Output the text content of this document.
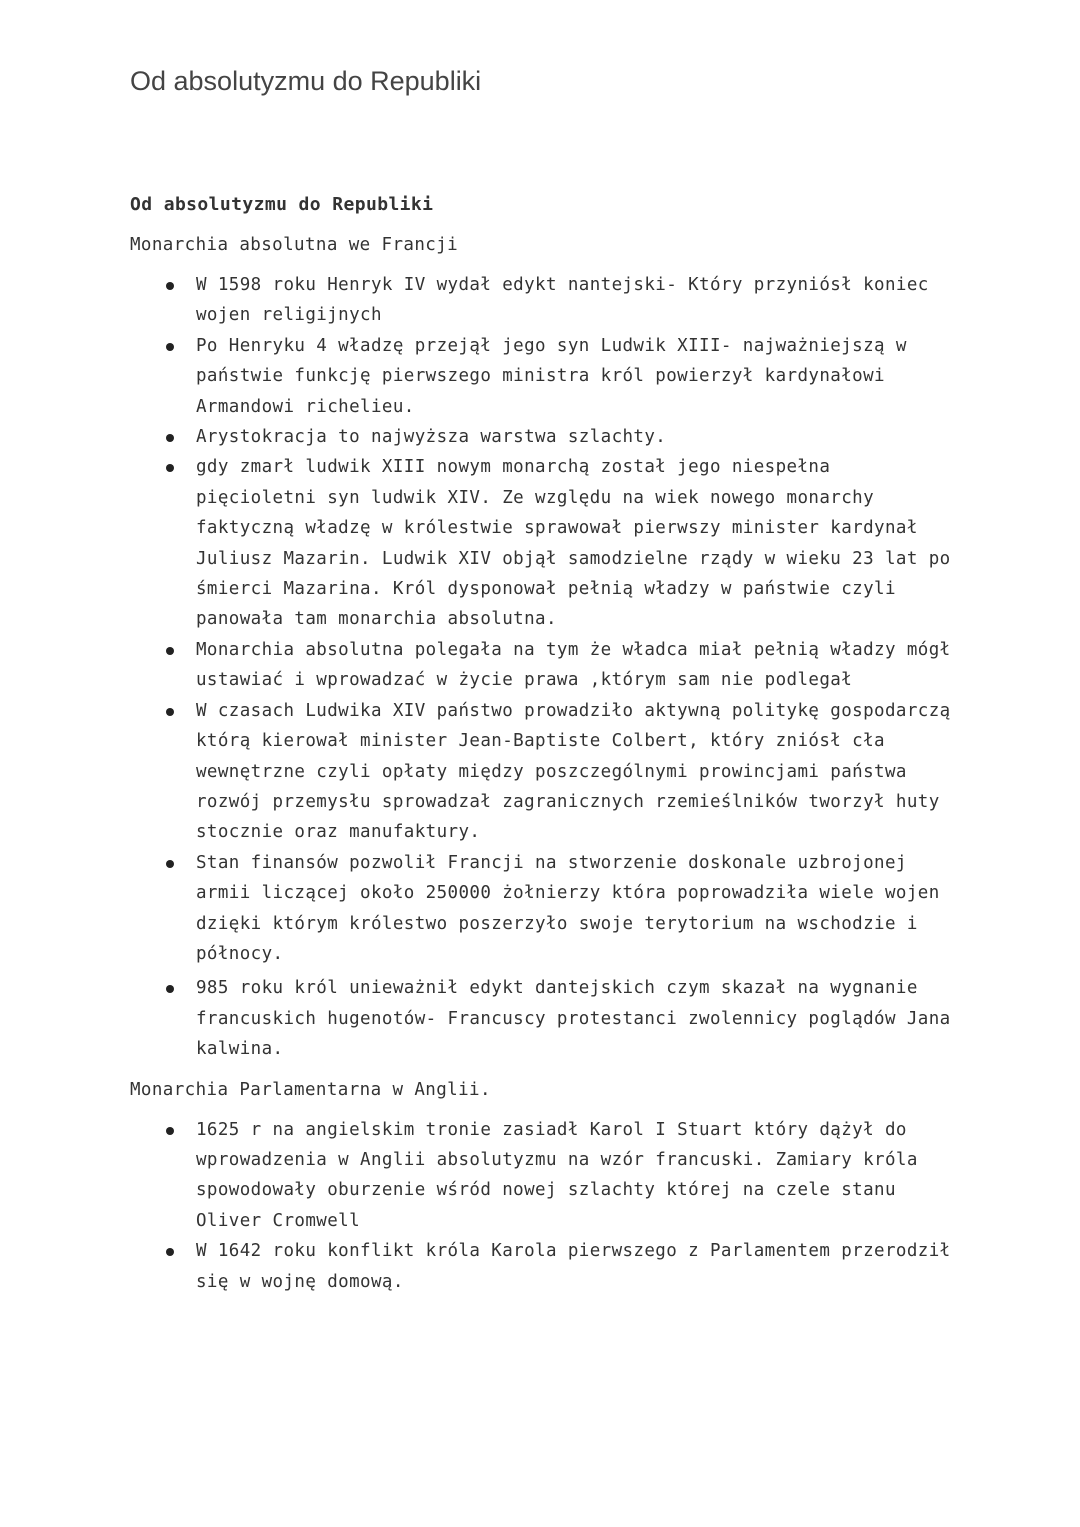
Od absolutyzmu do Republiki

Od absolutyzmu do Republiki

Monarchia absolutna we Francji

W 1598 roku Henryk IV wydał edykt nantejski- Który przyniósł koniec wojen religijnych
Po Henryku 4 władzę przejął jego syn Ludwik XIII- najważniejszą w państwie funkcję pierwszego ministra król powierzył kardynałowi Armandowi richelieu.
Arystokracja to najwyższa warstwa szlachty.
gdy zmarł ludwik XIII nowym monarchą został jego niespełna pięcioletni syn ludwik XIV. Ze względu na wiek nowego monarchy faktyczną władzę w królestwie sprawował pierwszy minister kardynał Juliusz Mazarin. Ludwik XIV objął samodzielne rządy w wieku 23 lat po śmierci Mazarina. Król dysponował pełnią władzy w państwie czyli panowała tam monarchia absolutna.
Monarchia absolutna polegała na tym że władca miał pełnią władzy mógł ustawiać i wprowadzać w życie prawa ,którym sam nie podlegał
W czasach Ludwika XIV państwo prowadziło aktywną politykę gospodarczą którą kierował minister Jean-Baptiste Colbert, który zniósł cła wewnętrzne czyli opłaty między poszczególnymi prowincjami państwa rozwój przemysłu sprowadzał zagranicznych rzemieślników tworzył huty stocznie oraz manufaktury.
Stan finansów pozwolił Francji na stworzenie doskonale uzbrojonej armii liczącej około 250000 żołnierzy która poprowadziła wiele wojen dzięki którym królestwo poszerzyło swoje terytorium na wschodzie i północy.
985 roku król unieważnił edykt dantejskich czym skazał na wygnanie francuskich hugenotów- Francuscy protestanci zwolennicy poglądów Jana kalwina.

Monarchia Parlamentarna w Anglii.

1625 r na angielskim tronie zasiadł Karol I Stuart który dążył do wprowadzenia w Anglii absolutyzmu na wzór francuski. Zamiary króla spowodowały oburzenie wśród nowej szlachty której na czele stanu Oliver Cromwell
W 1642 roku konflikt króla Karola pierwszego z Parlamentem przerodził się w wojnę domową.
